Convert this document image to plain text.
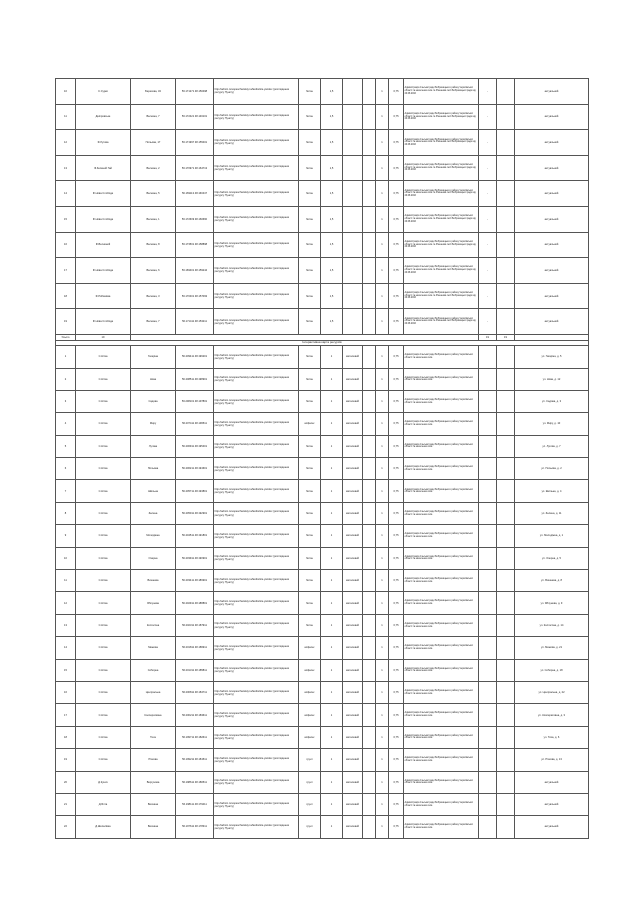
10	С.Сурки	Березова, 34	56.171271 48.150498	http://admin.novopeschanskiy.ru/lands/site.yandex (розглядення ресурсу Пункту)	бетон	1,5			1	0,75	Адміністрація сільської ради Бобровицького району Чернігівської області та населення села та Рішенням сесії Бобровицької ради від 23.08.2016	-		актуальний
11	Дніпровське	Весняна, 7	56.172421 48.146101	http://admin.novopeschanskiy.ru/lands/site.yandex (розглядення ресурсу Пункту)	бетон	1,5			1	0,75	Адміністрація сільської ради Бобровицького району Чернігівської області та населення села та Рішенням сесії Бобровицької ради від 23.08.2016	-		актуальний
12	Ф.Лугова	Польова, 17	56.171997 48.155401	http://admin.novopeschanskiy.ru/lands/site.yandex (розглядення ресурсу Пункту)	бетон	1,5			1	0,75	Адміністрація сільської ради Бобровицького району Чернігівської області та населення села та Рішенням сесії Бобровицької ради від 23.08.2016	-		актуальний
13	Ф.Зелений Гай	Весняна, 2	56.170971 48.164713	http://admin.novopeschanskiy.ru/lands/site.yandex (розглядення ресурсу Пункту)	бетон	1,5			1	0,75	Адміністрація сільської ради Бобровицького району Чернігівської області та населення села та Рішенням сесії Бобровицької ради від 23.08.2016	-		актуальний
14	Ф.Нова Слобода	Весняна, 5	56.169113 48.160447	http://admin.novopeschanskiy.ru/lands/site.yandex (розглядення ресурсу Пункту)	бетон	1,5			1	0,75	Адміністрація сільської ради Бобровицького району Чернігівської області та населення села та Рішенням сесії Бобровицької ради від 23.08.2016	-		актуальний
15	Ф.Нова Слобода	Весняна, 1	56.172609 48.160660	http://admin.novopeschanskiy.ru/lands/site.yandex (розглядення ресурсу Пункту)	бетон	1,5			1	0,75	Адміністрація сільської ради Бобровицького району Чернігівської області та населення села та Рішенням сесії Бобровицької ради від 23.08.2016	-		актуальний
16	Ф.Весняний	Весняна, 8	56.173501 48.158898	http://admin.novopeschanskiy.ru/lands/site.yandex (розглядення ресурсу Пункту)	бетон	1,5			1	0,75	Адміністрація сільської ради Бобровицького району Чернігівської області та населення села та Рішенням сесії Бобровицької ради від 23.08.2016	-		актуальний
17	Ф.Нова Слобода	Весняна, 6	56.169401 48.159244	http://admin.novopeschanskiy.ru/lands/site.yandex (розглядення ресурсу Пункту)	бетон	1,5			1	0,75	Адміністрація сільської ради Бобровицького району Чернігівської області та населення села та Рішенням сесії Бобровицької ради від 23.08.2016	-		актуальний
18	Ф.Рябинівка	Весняна, 3	56.170401 48.157093	http://admin.novopeschanskiy.ru/lands/site.yandex (розглядення ресурсу Пункту)	бетон	1,5			1	0,75	Адміністрація сільської ради Бобровицького району Чернігівської області та населення села та Рішенням сесії Бобровицької ради від 23.08.2016	-		актуальний
19	Ф.Нова Слобода	Весняна, 7	56.171411 48.153211	http://admin.novopeschanskiy.ru/lands/site.yandex (розглядення ресурсу Пункту)	бетон	1,5			1	0,75	Адміністрація сільської ради Бобровицького району Чернігівської області та населення села та Рішенням сесії Бобровицької ради від 23.08.2016	-		актуальний
Усього	19											19	19	
Інтерактивна карта ресурсів														
1	С.Нітка	Гагаріна	56.209411 48.199201	http://admin.novopeschanskiy.ru/lands/site.yandex (розглядення ресурсу Пункту)	бетон	1	металевий		1	0,75	Адміністрація сільської ради Бобровицького району Чернігівської області та населення села			ул. Гагаріна, д. 5
2	С.Нітка	Нова	56.208511 48.198901	http://admin.novopeschanskiy.ru/lands/site.yandex (розглядення ресурсу Пункту)	бетон	1	металевий		1	0,75	Адміністрація сільської ради Бобровицького району Чернігівської області та населення села			ул. Нова, д. 12
3	С.Нітка	Садова	56.208101 48.197801	http://admin.novopeschanskiy.ru/lands/site.yandex (розглядення ресурсу Пункту)	бетон	1	металевий		1	0,75	Адміністрація сільської ради Бобровицького району Чернігівської області та населення села			ул. Садова, д. 3
4	С.Нітка	Миру	56.207411 48.196511	http://admin.novopeschanskiy.ru/lands/site.yandex (розглядення ресурсу Пункту)	асфальт	1	металевий		1	0,75	Адміністрація сільської ради Бобровицького району Чернігівської області та населення села			ул. Миру, д. 10
5	С.Нітка	Лугова	56.206911 48.195401	http://admin.novopeschanskiy.ru/lands/site.yandex (розглядення ресурсу Пункту)	бетон	1	металевий		1	0,75	Адміністрація сільської ради Бобровицького району Чернігівської області та населення села			ул. Лугова, д. 7
6	С.Нітка	Польова	56.206211 48.194601	http://admin.novopeschanskiy.ru/lands/site.yandex (розглядення ресурсу Пункту)	бетон	1	металевий		1	0,75	Адміністрація сільської ради Бобровицького району Чернігівської області та населення села			ул. Польова, д. 2
7	С.Нітка	Шкільна	56.205711 48.193801	http://admin.novopeschanskiy.ru/lands/site.yandex (розглядення ресурсу Пункту)	бетон	1	металевий		1	0,75	Адміністрація сільської ради Бобровицького району Чернігівської області та населення села			ул. Шкільна, д. 4
8	С.Нітка	Зелена	56.205011 48.192901	http://admin.novopeschanskiy.ru/lands/site.yandex (розглядення ресурсу Пункту)	бетон	1	металевий		1	0,75	Адміністрація сільської ради Бобровицького району Чернігівської області та населення села			ул. Зелена, д. 11
9	С.Нітка	Молодіжна	56.204511 48.191801	http://admin.novopeschanskiy.ru/lands/site.yandex (розглядення ресурсу Пункту)	бетон	1	металевий		1	0,75	Адміністрація сільської ради Бобровицького району Чернігівської області та населення села			ул. Молодіжна, д. 1
10	С.Нітка	Озерна	56.203911 48.190901	http://admin.novopeschanskiy.ru/lands/site.yandex (розглядення ресурсу Пункту)	бетон	1	металевий		1	0,75	Адміністрація сільської ради Бобровицького району Чернігівської області та населення села			ул. Озерна, д. 5
11	С.Нітка	Вишнева	56.203411 48.189901	http://admin.novopeschanskiy.ru/lands/site.yandex (розглядення ресурсу Пункту)	бетон	1	металевий		1	0,75	Адміністрація сільської ради Бобровицького району Чернігівської області та населення села			ул. Вишнева, д. 8
12	С.Нітка	Яблунева	56.202911 48.188801	http://admin.novopeschanskiy.ru/lands/site.yandex (розглядення ресурсу Пункту)	бетон	1	металевий		1	0,75	Адміністрація сільської ради Бобровицького району Чернігівської області та населення села			ул. Яблунева, д. 9
13	С.Нітка	Колгоспна	56.202311 48.187911	http://admin.novopeschanskiy.ru/lands/site.yandex (розглядення ресурсу Пункту)	бетон	1	металевий		1	0,75	Адміністрація сільської ради Бобровицького району Чернігівської області та населення села			ул. Колгоспна, д. 14
14	С.Нітка	Межова	56.201811 48.186911	http://admin.novopeschanskiy.ru/lands/site.yandex (розглядення ресурсу Пункту)	асфальт	1	металевий		1	0,75	Адміністрація сільської ради Бобровицького району Чернігівської області та населення села			ул. Межова, д. 21
15	С.Нітка	Соборна	56.201311 48.185811	http://admin.novopeschanskiy.ru/lands/site.yandex (розглядення ресурсу Пункту)	асфальт	1	металевий		1	0,75	Адміністрація сільської ради Бобровицького району Чернігівської області та населення села			ул. Соборна, д. 18
16	С.Нітка	Центральна	56.200811 48.184711	http://admin.novopeschanskiy.ru/lands/site.yandex (розглядення ресурсу Пункту)	асфальт	1	металевий		1	0,75	Адміністрація сільської ради Бобровицького району Чернігівської області та населення села			ул. Центральна, д. 22
17	С.Нітка	Кооперативна	56.200211 48.183611	http://admin.novopeschanskiy.ru/lands/site.yandex (розглядення ресурсу Пункту)	асфальт	1	металевий		1	0,75	Адміністрація сільської ради Бобровицького району Чернігівської області та населення села			ул. Кооперативна, д. 3
18	С.Нітка	Тиха	56.199711 48.182611	http://admin.novopeschanskiy.ru/lands/site.yandex (розглядення ресурсу Пункту)	асфальт	1	металевий		1	0,75	Адміністрація сільської ради Бобровицького району Чернігівської області та населення села			ул. Тиха, д. 6
19	С.Нітка	Річкова	56.199211 48.181511	http://admin.novopeschanskiy.ru/lands/site.yandex (розглядення ресурсу Пункту)	грунт	1	металевий		1	0,75	Адміністрація сільської ради Бобровицького району Чернігівської області та населення села			ул. Річкова, д. 13
20	Д.Кунич	Вергунова	56.198611 48.180511	http://admin.novopeschanskiy.ru/lands/site.yandex (розглядення ресурсу Пункту)	грунт	1	металевий		1	0,75	Адміністрація сільської ради Бобровицького району Чернігівської області та населення села			актуальний
21	Д.Ялта	Весняна	56.198111 48.179411	http://admin.novopeschanskiy.ru/lands/site.yandex (розглядення ресурсу Пункту)	грунт	1	металевий		1	0,75	Адміністрація сільської ради Бобровицького району Чернігівської області та населення села			актуальний
22	Д.Шепелівка	Весняна	56.197611 48.178311	http://admin.novopeschanskiy.ru/lands/site.yandex (розглядення ресурсу Пункту)	грунт	1	металевий		1	0,75	Адміністрація сільської ради Бобровицького району Чернігівської області та населення села			актуальний
